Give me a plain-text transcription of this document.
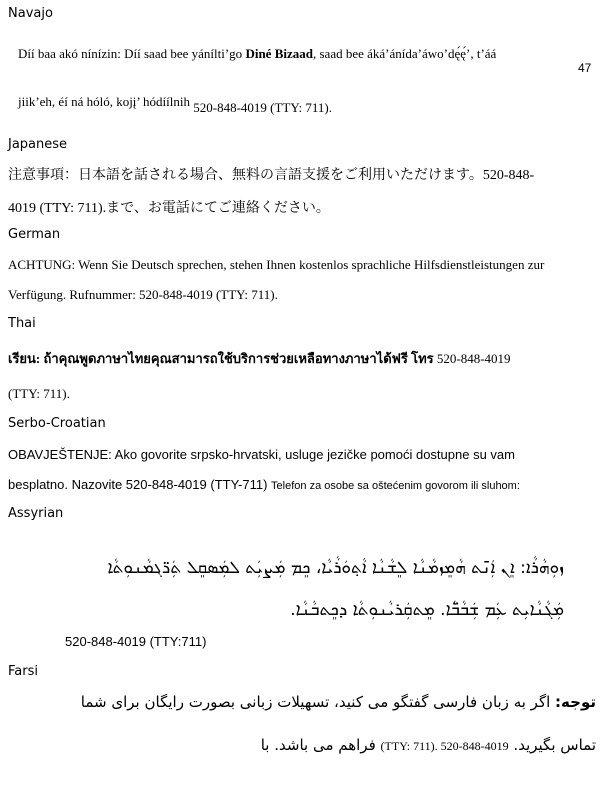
47
Navajo
Díí baa akó nínízin: Díí saad bee yánílti’go Diné Bizaad, saad bee áká’ánída’áwo’dę́ę́’, t’áá
jiik’eh, éí ná hóló, kojį’ hódíílnih 520-848-4019 (TTY: 711).
Japanese
注意事項：日本語を話される場合、無料の言語支援をご利用いただけます。520-848-
4019 (TTY: 711).まで、お電話にてご連絡ください。
German
ACHTUNG: Wenn Sie Deutsch sprechen, stehen Ihnen kostenlos sprachliche Hilfsdienstleistungen zur
Verfügung. Rufnummer: 520-848-4019 (TTY: 711).
Thai
เรียน: ถ้าคุณพูดภาษาไทยคุณสามารถใช้บริการช่วยเหลือทางภาษาได้ฟรี โทร 520-848-4019
(TTY: 711).
Serbo-Croatian
OBAVJEŠTENJE: Ako govorite srpsko-hrvatski, usluge jezičke pomoći dostupne su vam
besplatno. Nazovite 520-848-4019 (TTY-711) Telefon za osobe sa oštećenim govorom ili sluhom:
Assyrian
ܙܘܼܗܵܪܵܐ: ܐܸܢ ܐܲܢ̄ܬ ܗܵܡܸܙܡܵܢܵܐ ܠܸܫܵܢܵܐ ܐܵܬ݂ܘܿܪܵܝܵܐ، ܟܸܡ ܡܲܨܝܲܬ ܠܡܲܣܩܸܠ ܬܲܪ̈ܓܡܵܢܘܼܬܵܐ
ܡܲܓܵܢܵܐܝܼܬ ܥܲܡ ܫܲܒܵܒ̈ܵܐ. ܡܸܬܩܲܪܝܵܢܘܼܬܵܐ ܕܟܸܬܒܵܢܵܐ.
520-848-4019 (TTY:711)
Farsi
توجه: اگر به زبان فارسی گفتگو می کنید، تسهیلات زبانی بصورت رایگان برای شما
تماس بگیرید. (TTY: 711). 520-848-4019 فراهم می باشد. با
